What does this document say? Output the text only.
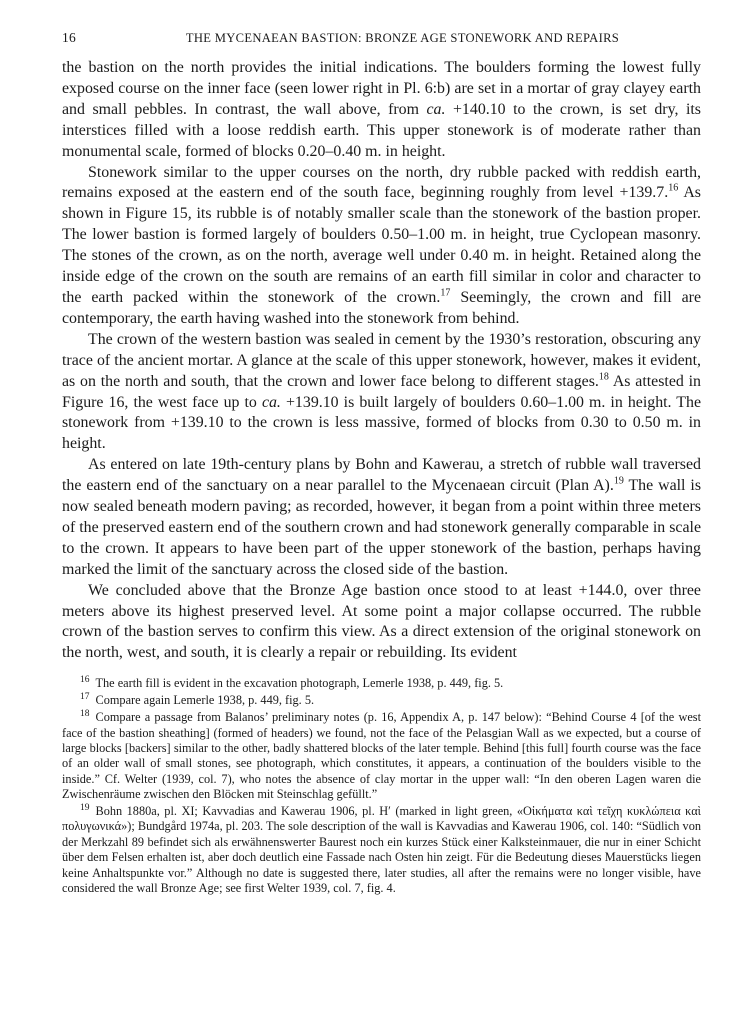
16	THE MYCENAEAN BASTION: BRONZE AGE STONEWORK AND REPAIRS

the bastion on the north provides the initial indications. The boulders forming the lowest fully exposed course on the inner face (seen lower right in Pl. 6:b) are set in a mortar of gray clayey earth and small pebbles. In contrast, the wall above, from ca. +140.10 to the crown, is set dry, its interstices filled with a loose reddish earth. This upper stonework is of moderate rather than monumental scale, formed of blocks 0.20–0.40 m. in height.

Stonework similar to the upper courses on the north, dry rubble packed with reddish earth, remains exposed at the eastern end of the south face, beginning roughly from level +139.7.16 As shown in Figure 15, its rubble is of notably smaller scale than the stonework of the bastion proper. The lower bastion is formed largely of boulders 0.50–1.00 m. in height, true Cyclopean masonry. The stones of the crown, as on the north, average well under 0.40 m. in height. Retained along the inside edge of the crown on the south are remains of an earth fill similar in color and character to the earth packed within the stonework of the crown.$^{17}$ Seemingly, the crown and fill are contemporary, the earth having washed into the stonework from behind.

The crown of the western bastion was sealed in cement by the 1930’s restoration, obscuring any trace of the ancient mortar. A glance at the scale of this upper stonework, however, makes it evident, as on the north and south, that the crown and lower face belong to different stages.$^{18}$ As attested in Figure 16, the west face up to ca. +139.10 is built largely of boulders 0.60–1.00 m. in height. The stonework from +139.10 to the crown is less massive, formed of blocks from 0.30 to 0.50 m. in height.

As entered on late 19th-century plans by Bohn and Kawerau, a stretch of rubble wall traversed the eastern end of the sanctuary on a near parallel to the Mycenaean circuit (Plan A).$^{19}$ The wall is now sealed beneath modern paving; as recorded, however, it began from a point within three meters of the preserved eastern end of the southern crown and had stonework generally comparable in scale to the crown. It appears to have been part of the upper stonework of the bastion, perhaps having marked the limit of the sanctuary across the closed side of the bastion.

We concluded above that the Bronze Age bastion once stood to at least +144.0, over three meters above its highest preserved level. At some point a major collapse occurred. The rubble crown of the bastion serves to confirm this view. As a direct extension of the original stonework on the north, west, and south, it is clearly a repair or rebuilding. Its evident

$^{16}$ The earth fill is evident in the excavation photograph, Lemerle 1938, p. 449, fig. 5.

$^{17}$ Compare again Lemerle 1938, p. 449, fig. 5.

$^{18}$ Compare a passage from Balanos’ preliminary notes (p. 16, Appendix A, p. 147 below): “Behind Course 4 [of the west face of the bastion sheathing] (formed of headers) we found, not the face of the Pelasgian Wall as we expected, but a course of large blocks [backers] similar to the other, badly shattered blocks of the later temple. Behind [this full] fourth course was the face of an older wall of small stones, see photograph, which constitutes, it appears, a continuation of the boulders visible to the inside.” Cf. Welter (1939, col. 7), who notes the absence of clay mortar in the upper wall: “In den oberen Lagen waren die Zwischenräume zwischen den Blöcken mit Steinschlag gefüllt.”

$^{19}$ Bohn 1880a, pl. XI; Kavvadias and Kawerau 1906, pl. H′ (marked in light green, «Οἰκήματα καὶ τεῖχη κυκλώπεια καὶ πολυγωνικά»); Bundgård 1974a, pl. 203. The sole description of the wall is Kavvadias and Kawerau 1906, col. 140: “Südlich von der Merkzahl 89 befindet sich als erwähnenswerter Baurest noch ein kurzes Stück einer Kalksteinmauer, die nur in einer Schicht über dem Felsen erhalten ist, aber doch deutlich eine Fassade nach Osten hin zeigt. Für die Bedeutung dieses Mauerstücks liegen keine Anhaltspunkte vor.” Although no date is suggested there, later studies, all after the remains were no longer visible, have considered the wall Bronze Age; see first Welter 1939, col. 7, fig. 4.
